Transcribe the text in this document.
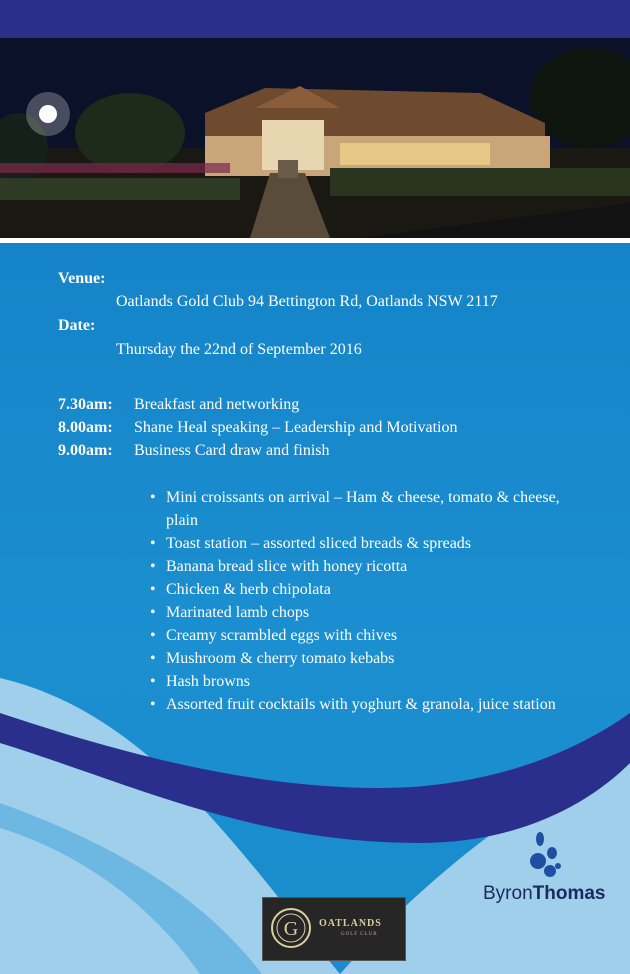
Venue:
Oatlands Gold Club 94 Bettington Rd, Oatlands NSW 2117
Date:
Thursday the 22nd of September 2016
7.30am: Breakfast and networking
8.00am: Shane Heal speaking – Leadership and Motivation
9.00am: Business Card draw and finish
• Mini croissants on arrival – Ham & cheese, tomato & cheese, plain
• Toast station – assorted sliced breads & spreads
• Banana bread slice with honey ricotta
• Chicken & herb chipolata
• Marinated lamb chops
• Creamy scrambled eggs with chives
• Mushroom & cherry tomato kebabs
• Hash browns
• Assorted fruit cocktails with yoghurt & granola, juice station
ByronThomas
G OATLANDS
GOLF CLUB
